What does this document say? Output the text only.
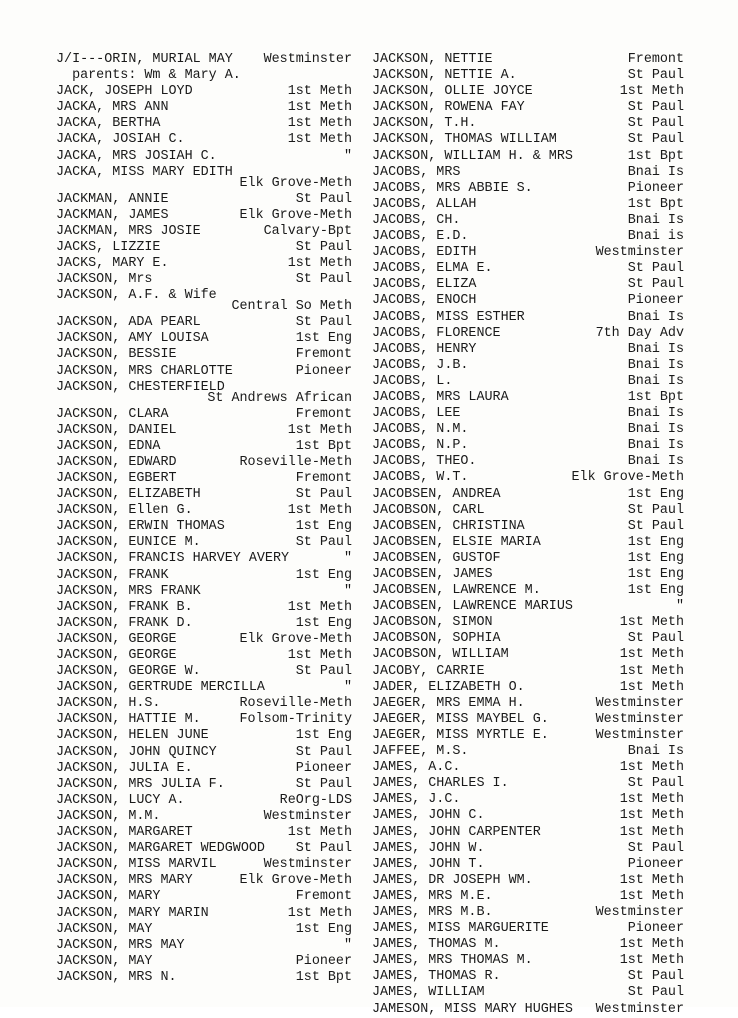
J/I---ORIN, MURIAL MAY Westminster
parents: Wm & Mary A.
JACK, JOSEPH LOYD	1st Meth
JACKA, MRS ANN	1st Meth
JACKA, BERTHA	1st Meth
JACKA, JOSIAH C.	1st Meth
JACKA, MRS JOSIAH C.	"
JACKA, MISS MARY EDITH
Elk Grove-Meth
JACKMAN, ANNIE	St Paul
JACKMAN, JAMES	Elk Grove-Meth
JACKMAN, MRS JOSIE	Calvary-Bpt
JACKS, LIZZIE	St Paul
JACKS, MARY E.	1st Meth
JACKSON, Mrs	St Paul
JACKSON, A.F. & Wife
Central So Meth
JACKSON, ADA PEARL	St Paul
JACKSON, AMY LOUISA	1st Eng
JACKSON, BESSIE	Fremont
JACKSON, MRS CHARLOTTE	Pioneer
JACKSON, CHESTERFIELD
St Andrews African
JACKSON, CLARA	Fremont
JACKSON, DANIEL	1st Meth
JACKSON, EDNA	1st Bpt
JACKSON, EDWARD	Roseville-Meth
JACKSON, EGBERT	Fremont
JACKSON, ELIZABETH	St Paul
JACKSON, Ellen G.	1st Meth
JACKSON, ERWIN THOMAS	1st Eng
JACKSON, EUNICE M.	St Paul
JACKSON, FRANCIS HARVEY AVERY	"
JACKSON, FRANK	1st Eng
JACKSON, MRS FRANK	"
JACKSON, FRANK B.	1st Meth
JACKSON, FRANK D.	1st Eng
JACKSON, GEORGE	Elk Grove-Meth
JACKSON, GEORGE	1st Meth
JACKSON, GEORGE W.	St Paul
JACKSON, GERTRUDE MERCILLA	"
JACKSON, H.S.	Roseville-Meth
JACKSON, HATTIE M.	Folsom-Trinity
JACKSON, HELEN JUNE	1st Eng
JACKSON, JOHN QUINCY	St Paul
JACKSON, JULIA E.	Pioneer
JACKSON, MRS JULIA F.	St Paul
JACKSON, LUCY A.	ReOrg-LDS
JACKSON, M.M.	Westminster
JACKSON, MARGARET	1st Meth
JACKSON, MARGARET WEDGWOOD St Paul
JACKSON, MISS MARVIL	Westminster
JACKSON, MRS MARY	Elk Grove-Meth
JACKSON, MARY	Fremont
JACKSON, MARY MARIN	1st Meth
JACKSON, MAY	1st Eng
JACKSON, MRS MAY	"
JACKSON, MAY	Pioneer
JACKSON, MRS N.	1st Bpt
JACKSON, NETTIE	Fremont
JACKSON, NETTIE A.	St Paul
JACKSON, OLLIE JOYCE	1st Meth
JACKSON, ROWENA FAY	St Paul
JACKSON, T.H.	St Paul
JACKSON, THOMAS WILLIAM	St Paul
JACKSON, WILLIAM H. & MRS	1st Bpt
JACOBS, MRS	Bnai Is
JACOBS, MRS ABBIE S.	Pioneer
JACOBS, ALLAH	1st Bpt
JACOBS, CH.	Bnai Is
JACOBS, E.D.	Bnai is
JACOBS, EDITH	Westminster
JACOBS, ELMA E.	St Paul
JACOBS, ELIZA	St Paul
JACOBS, ENOCH	Pioneer
JACOBS, MISS ESTHER	Bnai Is
JACOBS, FLORENCE	7th Day Adv
JACOBS, HENRY	Bnai Is
JACOBS, J.B.	Bnai Is
JACOBS, L.	Bnai Is
JACOBS, MRS LAURA	1st Bpt
JACOBS, LEE	Bnai Is
JACOBS, N.M.	Bnai Is
JACOBS, N.P.	Bnai Is
JACOBS, THEO.	Bnai Is
JACOBS, W.T.	Elk Grove-Meth
JACOBSEN, ANDREA	1st Eng
JACOBSON, CARL	St Paul
JACOBSEN, CHRISTINA	St Paul
JACOBSEN, ELSIE MARIA	1st Eng
JACOBSEN, GUSTOF	1st Eng
JACOBSEN, JAMES	1st Eng
JACOBSEN, LAWRENCE M.	1st Eng
JACOBSEN, LAWRENCE MARIUS	"
JACOBSON, SIMON	1st Meth
JACOBSON, SOPHIA	St Paul
JACOBSON, WILLIAM	1st Meth
JACOBY, CARRIE	1st Meth
JADER, ELIZABETH O.	1st Meth
JAEGER, MRS EMMA H.	Westminster
JAEGER, MISS MAYBEL G.	Westminster
JAEGER, MISS MYRTLE E.	Westminster
JAFFEE, M.S.	Bnai Is
JAMES, A.C.	1st Meth
JAMES, CHARLES I.	St Paul
JAMES, J.C.	1st Meth
JAMES, JOHN C.	1st Meth
JAMES, JOHN CARPENTER	1st Meth
JAMES, JOHN W.	St Paul
JAMES, JOHN T.	Pioneer
JAMES, DR JOSEPH WM.	1st Meth
JAMES, MRS M.E.	1st Meth
JAMES, MRS M.B.	Westminster
JAMES, MISS MARGUERITE	Pioneer
JAMES, THOMAS M.	1st Meth
JAMES, MRS THOMAS M.	1st Meth
JAMES, THOMAS R.	St Paul
JAMES, WILLIAM	St Paul
JAMESON, MISS MARY HUGHES Westminster
